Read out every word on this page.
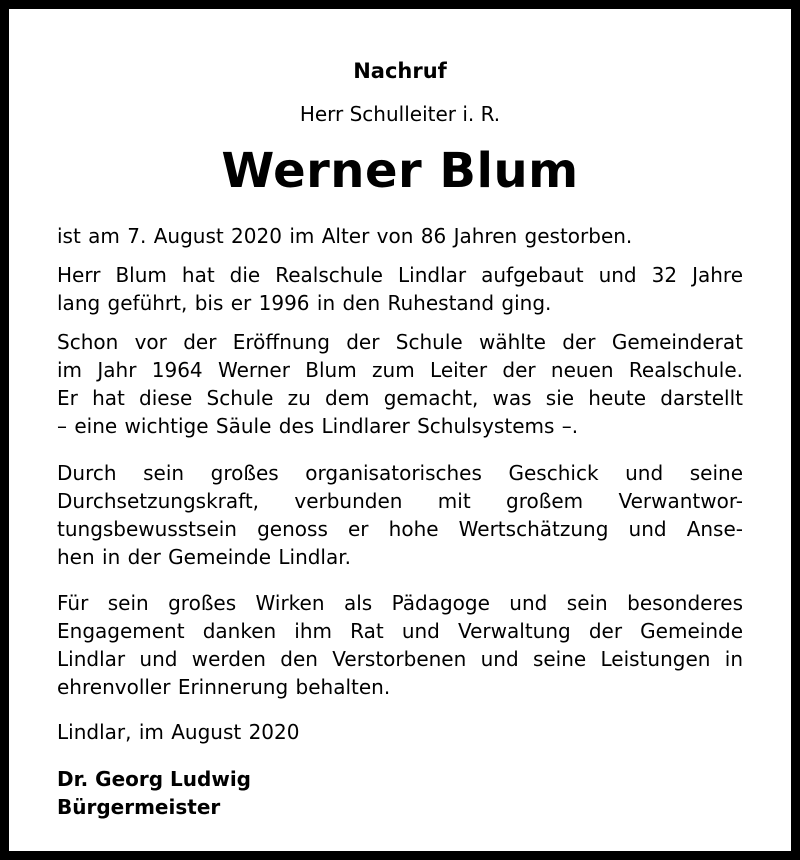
Nachruf
Herr Schulleiter i. R.
Werner Blum
ist am 7. August 2020 im Alter von 86 Jahren gestorben.
Herr Blum hat die Realschule Lindlar aufgebaut und 32 Jahre
lang geführt, bis er 1996 in den Ruhestand ging.
Schon vor der Eröffnung der Schule wählte der Gemeinderat
im Jahr 1964 Werner Blum zum Leiter der neuen Realschule.
Er hat diese Schule zu dem gemacht, was sie heute darstellt
– eine wichtige Säule des Lindlarer Schulsystems –.
Durch sein großes organisatorisches Geschick und seine
Durchsetzungskraft, verbunden mit großem Verwantwor-
tungsbewusstsein genoss er hohe Wertschätzung und Anse-
hen in der Gemeinde Lindlar.
Für sein großes Wirken als Pädagoge und sein besonderes
Engagement danken ihm Rat und Verwaltung der Gemeinde
Lindlar und werden den Verstorbenen und seine Leistungen in
ehrenvoller Erinnerung behalten.
Lindlar, im August 2020
Dr. Georg Ludwig
Bürgermeister
